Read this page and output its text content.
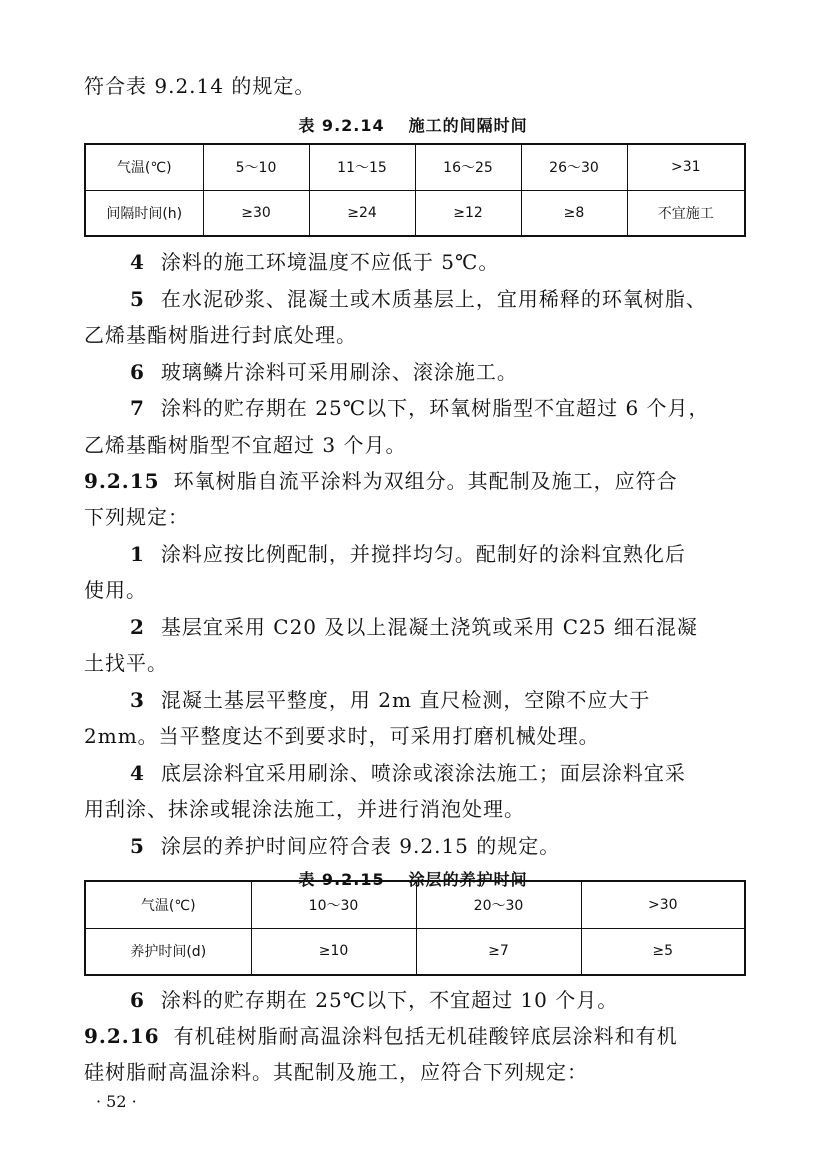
符合表 9.2.14 的规定。
表 9.2.14 施工的间隔时间
气温(℃)	5～10	11～15	16～25	26～30	>31
间隔时间(h)	≥30	≥24	≥12	≥8	不宜施工
4 涂料的施工环境温度不应低于 5℃。
5 在水泥砂浆、混凝土或木质基层上，宜用稀释的环氧树脂、
乙烯基酯树脂进行封底处理。
6 玻璃鳞片涂料可采用刷涂、滚涂施工。
7 涂料的贮存期在 25℃以下，环氧树脂型不宜超过 6 个月，
乙烯基酯树脂型不宜超过 3 个月。
9.2.15 环氧树脂自流平涂料为双组分。其配制及施工，应符合
下列规定：
1 涂料应按比例配制，并搅拌均匀。配制好的涂料宜熟化后
使用。
2 基层宜采用 C20 及以上混凝土浇筑或采用 C25 细石混凝
土找平。
3 混凝土基层平整度，用 2m 直尺检测，空隙不应大于
2mm。当平整度达不到要求时，可采用打磨机械处理。
4 底层涂料宜采用刷涂、喷涂或滚涂法施工；面层涂料宜采
用刮涂、抹涂或辊涂法施工，并进行消泡处理。
5 涂层的养护时间应符合表 9.2.15 的规定。
表 9.2.15 涂层的养护时间
气温(℃)	10～30	20～30	>30
养护时间(d)	≥10	≥7	≥5
6 涂料的贮存期在 25℃以下，不宜超过 10 个月。
9.2.16 有机硅树脂耐高温涂料包括无机硅酸锌底层涂料和有机
硅树脂耐高温涂料。其配制及施工，应符合下列规定：
· 52 ·
